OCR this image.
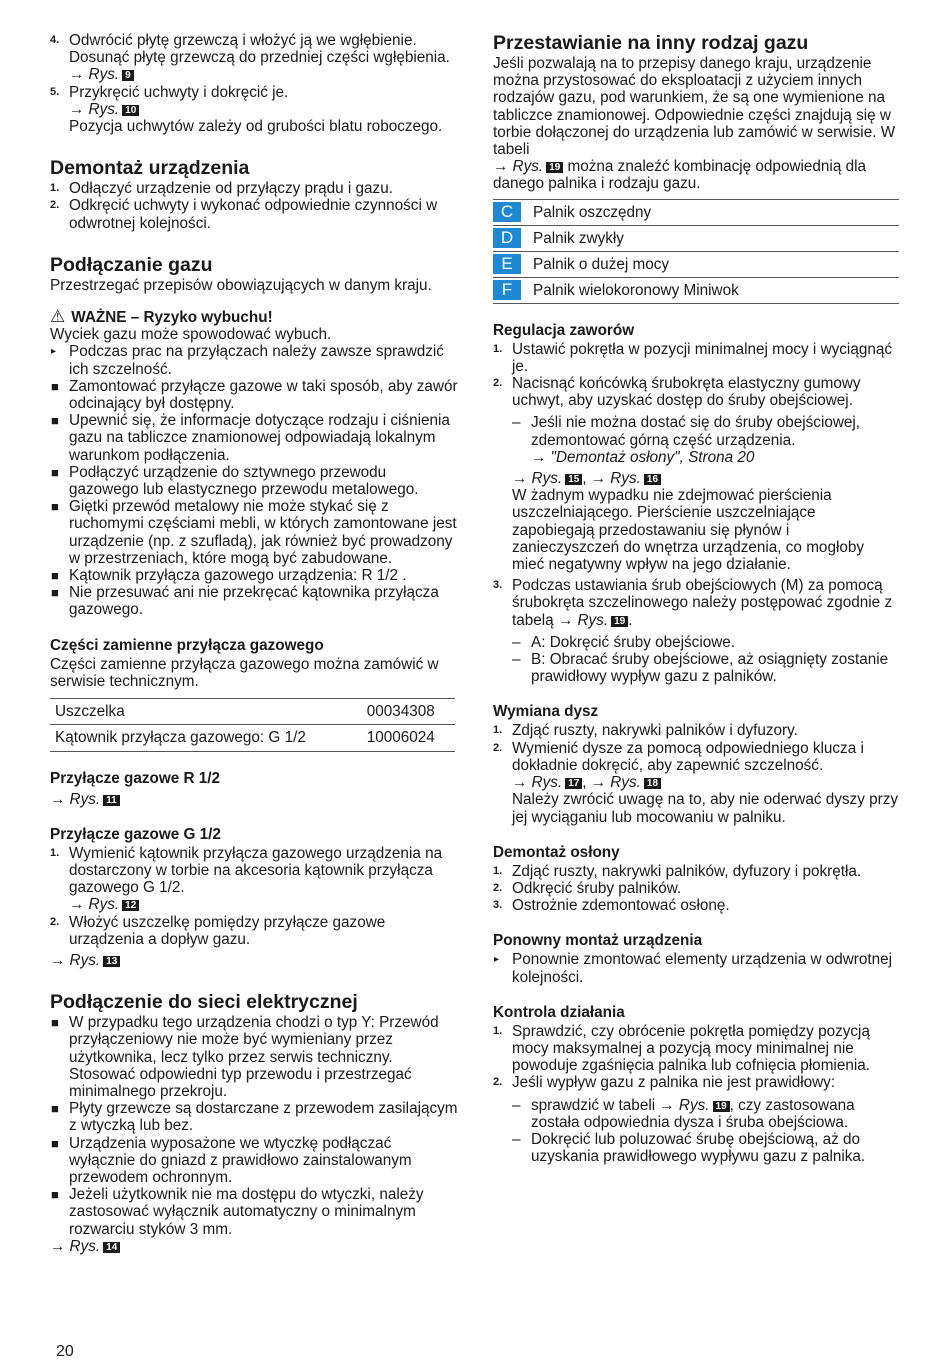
4. Odwrócić płytę grzewczą i włożyć ją we wgłębienie. Dosunąć płytę grzewczą do przedniej części wgłębienia.
→ Rys. 9
5. Przykręcić uchwyty i dokręcić je.
→ Rys. 10
Pozycja uchwytów zależy od grubości blatu roboczego.
Demontaż urządzenia
1. Odłączyć urządzenie od przyłączy prądu i gazu.
2. Odkręcić uchwyty i wykonać odpowiednie czynności w odwrotnej kolejności.
Podłączanie gazu

Przestrzegać przepisów obowiązujących w danym kraju.

⚠ WAŻNE – Ryzyko wybuchu!

Wyciek gazu może spowodować wybuch.

▸ Podczas prac na przyłączach należy zawsze sprawdzić ich szczelność.
■ Zamontować przyłącze gazowe w taki sposób, aby zawór odcinający był dostępny.
■ Upewnić się, że informacje dotyczące rodzaju i ciśnienia gazu na tabliczce znamionowej odpowiadają lokalnym warunkom podłączenia.
■ Podłączyć urządzenie do sztywnego przewodu gazowego lub elastycznego przewodu metalowego.
■ Giętki przewód metalowy nie może stykać się z ruchomymi częściami mebli, w których zamontowane jest urządzenie (np. z szufladą), jak również być prowadzony w przestrzeniach, które mogą być zabudowane.
■ Kątownik przyłącza gazowego urządzenia: R 1/2 .
■ Nie przesuwać ani nie przekręcać kątownika przyłącza gazowego.
Części zamienne przyłącza gazowego

Części zamienne przyłącza gazowego można zamówić w serwisie technicznym.

Uszczelka	00034308
Kątownik przyłącza gazowego: G 1/2	10006024
Przyłącze gazowe R 1/2

→ Rys. 11

Przyłącze gazowe G 1/2
1. Wymienić kątownik przyłącza gazowego urządzenia na dostarczony w torbie na akcesoria kątownik przyłącza gazowego G 1/2.
→ Rys. 12
2. Włożyć uszczelkę pomiędzy przyłącze gazowe urządzenia a dopływ gazu.

→ Rys. 13

Podłączenie do sieci elektrycznej
■ W przypadku tego urządzenia chodzi o typ Y: Przewód przyłączeniowy nie może być wymieniany przez użytkownika, lecz tylko przez serwis techniczny. Stosować odpowiedni typ przewodu i przestrzegać minimalnego przekroju.
■ Płyty grzewcze są dostarczane z przewodem zasilającym z wtyczką lub bez.
■ Urządzenia wyposażone we wtyczkę podłączać wyłącznie do gniazd z prawidłowo zainstalowanym przewodem ochronnym.
■ Jeżeli użytkownik nie ma dostępu do wtyczki, należy zastosować wyłącznik automatyczny o minimalnym rozwarciu styków 3 mm.

→ Rys. 14

Przestawianie na inny rodzaj gazu

Jeśli pozwalają na to przepisy danego kraju, urządzenie można przystosować do eksploatacji z użyciem innych rodzajów gazu, pod warunkiem, że są one wymienione na tabliczce znamionowej. Odpowiednie części znajdują się w torbie dołączonej do urządzenia lub zamówić w serwisie. W tabeli
→ Rys. 19 można znaleźć kombinację odpowiednią dla danego palnika i rodzaju gazu.

C Palnik oszczędny
D Palnik zwykły
E Palnik o dużej mocy
F Palnik wielokoronowy Miniwok
Regulacja zaworów
1. Ustawić pokrętła w pozycji minimalnej mocy i wyciągnąć je.
2. Nacisnąć końcówką śrubokręta elastyczny gumowy uchwyt, aby uzyskać dostęp do śruby obejściowej.
– Jeśli nie można dostać się do śruby obejściowej, zdemontować górną część urządzenia.
→ "Demontaż osłony", Strona 20
→ Rys. 15 , → Rys. 16
W żadnym wypadku nie zdejmować pierścienia uszczelniającego. Pierścienie uszczelniające zapobiegają przedostawaniu się płynów i zanieczyszczeń do wnętrza urządzenia, co mogłoby mieć negatywny wpływ na jego działanie.
3. Podczas ustawiania śrub obejściowych (M) za pomocą śrubokręta szczelinowego należy postępować zgodnie z tabelą → Rys. 19 .
– A: Dokręcić śruby obejściowe.
– B: Obracać śruby obejściowe, aż osiągnięty zostanie prawidłowy wypływ gazu z palników.
Wymiana dysz
1. Zdjąć ruszty, nakrywki palników i dyfuzory.
2. Wymienić dysze za pomocą odpowiedniego klucza i dokładnie dokręcić, aby zapewnić szczelność.
→ Rys. 17 , → Rys. 18
Należy zwrócić uwagę na to, aby nie oderwać dyszy przy jej wyciąganiu lub mocowaniu w palniku.
Demontaż osłony
1. Zdjąć ruszty, nakrywki palników, dyfuzory i pokrętła.
2. Odkręcić śruby palników.
3. Ostrożnie zdemontować osłonę.
Ponowny montaż urządzenia
▸ Ponownie zmontować elementy urządzenia w odwrotnej kolejności.
Kontrola działania
1. Sprawdzić, czy obrócenie pokrętła pomiędzy pozycją mocy maksymalnej a pozycją mocy minimalnej nie powoduje zgaśnięcia palnika lub cofnięcia płomienia.
2. Jeśli wypływ gazu z palnika nie jest prawidłowy:
– sprawdzić w tabeli → Rys. 19 , czy zastosowana została odpowiednia dysza i śruba obejściowa.
– Dokręcić lub poluzować śrubę obejściową, aż do uzyskania prawidłowego wypływu gazu z palnika.
20
